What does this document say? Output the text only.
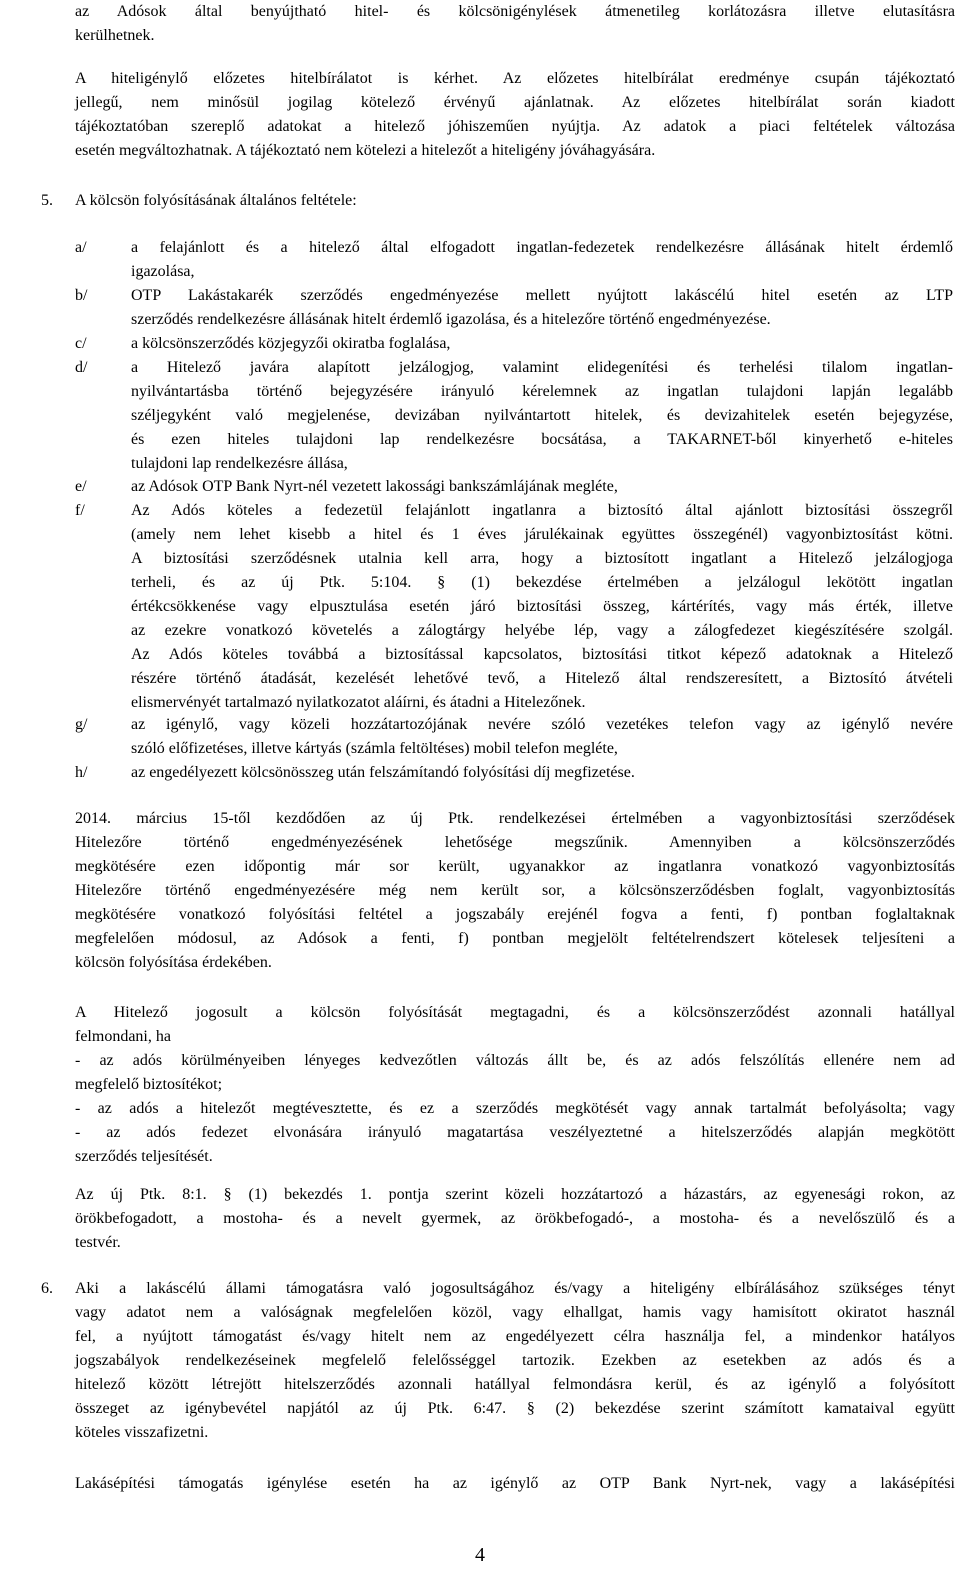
az Adósok által benyújtható hitel- és kölcsönigénylések átmenetileg korlátozásra illetve elutasításra
kerülhetnek.
A hiteligénylő előzetes hitelbírálatot is kérhet. Az előzetes hitelbírálat eredménye csupán tájékoztató
jellegű, nem minősül jogilag kötelező érvényű ajánlatnak. Az előzetes hitelbírálat során kiadott
tájékoztatóban szereplő adatokat a hitelező jóhiszeműen nyújtja. Az adatok a piaci feltételek változása
esetén megváltozhatnak. A tájékoztató nem kötelezi a hitelezőt a hiteligény jóváhagyására.
5.	A kölcsön folyósításának általános feltétele:
a/	a felajánlott és a hitelező által elfogadott ingatlan-fedezetek rendelkezésre állásának hitelt érdemlő
igazolása,
b/	OTP Lakástakarék szerződés engedményezése mellett nyújtott lakáscélú hitel esetén az LTP
szerződés rendelkezésre állásának hitelt érdemlő igazolása, és a hitelezőre történő engedményezése.
c/	a kölcsönszerződés közjegyzői okiratba foglalása,
d/	a Hitelező javára alapított jelzálogjog, valamint elidegenítési és terhelési tilalom ingatlan-
nyilvántartásba történő bejegyzésére irányuló kérelemnek az ingatlan tulajdoni lapján legalább
széljegyként való megjelenése, devizában nyilvántartott hitelek, és devizahitelek esetén bejegyzése,
és ezen hiteles tulajdoni lap rendelkezésre bocsátása, a TAKARNET-ből kinyerhető e-hiteles
tulajdoni lap rendelkezésre állása,
e/	az Adósok OTP Bank Nyrt-nél vezetett lakossági bankszámlájának megléte,
f/	Az Adós köteles a fedezetül felajánlott ingatlanra a biztosító által ajánlott biztosítási összegről
(amely nem lehet kisebb a hitel és 1 éves járulékainak együttes összegénél) vagyonbiztosítást kötni.
A biztosítási szerződésnek utalnia kell arra, hogy a biztosított ingatlant a Hitelező jelzálogjoga
terheli, és az új Ptk. 5:104. § (1) bekezdése értelmében a jelzálogul lekötött ingatlan
értékcsökkenése vagy elpusztulása esetén járó biztosítási összeg, kártérítés, vagy más érték, illetve
az ezekre vonatkozó követelés a zálogtárgy helyébe lép, vagy a zálogfedezet kiegészítésére szolgál.
Az Adós köteles továbbá a biztosítással kapcsolatos, biztosítási titkot képező adatoknak a Hitelező
részére történő átadását, kezelését lehetővé tevő, a Hitelező által rendszeresített, a Biztosító átvételi
elismervényét tartalmazó nyilatkozatot aláírni, és átadni a Hitelezőnek.
g/	az igénylő, vagy közeli hozzátartozójának nevére szóló vezetékes telefon vagy az igénylő nevére
szóló előfizetéses, illetve kártyás (számla feltöltéses) mobil telefon megléte,
h/	az engedélyezett kölcsönösszeg után felszámítandó folyósítási díj megfizetése.
2014. március 15-től kezdődően az új Ptk. rendelkezései értelmében a vagyonbiztosítási szerződések
Hitelezőre történő engedményezésének lehetősége megszűnik. Amennyiben a kölcsönszerződés
megkötésére ezen időpontig már sor került, ugyanakkor az ingatlanra vonatkozó vagyonbiztosítás
Hitelezőre történő engedményezésére még nem került sor, a kölcsönszerződésben foglalt, vagyonbiztosítás
megkötésére vonatkozó folyósítási feltétel a jogszabály erejénél fogva a fenti, f) pontban foglaltaknak
megfelelően módosul, az Adósok a fenti, f) pontban megjelölt feltételrendszert kötelesek teljesíteni a
kölcsön folyósítása érdekében.
A Hitelező jogosult a kölcsön folyósítását megtagadni, és a kölcsönszerződést azonnali hatállyal
felmondani, ha
- az adós körülményeiben lényeges kedvezőtlen változás állt be, és az adós felszólítás ellenére nem ad
megfelelő biztosítékot;
- az adós a hitelezőt megtévesztette, és ez a szerződés megkötését vagy annak tartalmát befolyásolta; vagy
- az adós fedezet elvonására irányuló magatartása veszélyeztetné a hitelszerződés alapján megkötött
szerződés teljesítését.
Az új Ptk. 8:1. § (1) bekezdés 1. pontja szerint közeli hozzátartozó a házastárs, az egyenesági rokon, az
örökbefogadott, a mostoha- és a nevelt gyermek, az örökbefogadó-, a mostoha- és a nevelőszülő és a
testvér.
6.	Aki a lakáscélú állami támogatásra való jogosultságához és/vagy a hiteligény elbírálásához szükséges tényt
vagy adatot nem a valóságnak megfelelően közöl, vagy elhallgat, hamis vagy hamisított okiratot használ
fel, a nyújtott támogatást és/vagy hitelt nem az engedélyezett célra használja fel, a mindenkor hatályos
jogszabályok rendelkezéseinek megfelelő felelősséggel tartozik. Ezekben az esetekben az adós és a
hitelező között létrejött hitelszerződés azonnali hatállyal felmondásra kerül, és az igénylő a folyósított
összeget az igénybevétel napjától az új Ptk. 6:47. § (2) bekezdése szerint számított kamataival együtt
köteles visszafizetni.
Lakásépítési támogatás igénylése esetén ha az igénylő az OTP Bank Nyrt-nek, vagy a lakásépítési
4
